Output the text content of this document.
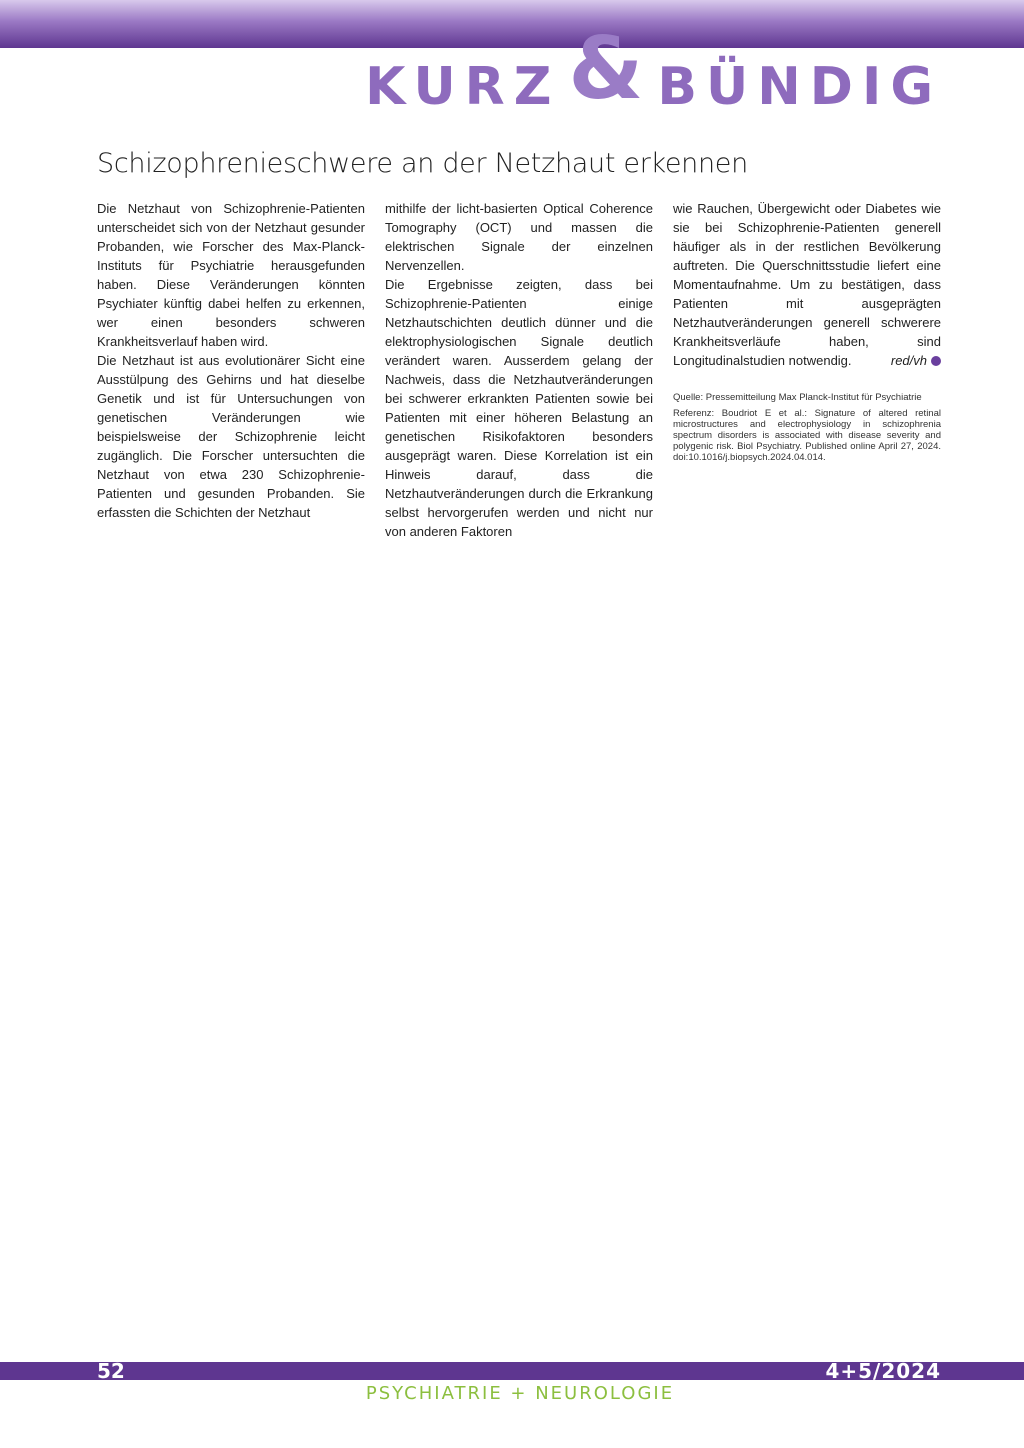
KURZ & BÜNDIG
Schizophrenieschwere an der Netzhaut erkennen

Die Netzhaut von Schizophrenie-Patienten unterscheidet sich von der Netzhaut gesunder Probanden, wie Forscher des Max-Planck-Instituts für Psychiatrie herausgefunden haben. Diese Veränderungen könnten Psychiater künftig dabei helfen zu erkennen, wer einen besonders schweren Krankheitsverlauf haben wird.

Die Netzhaut ist aus evolutionärer Sicht eine Ausstülpung des Gehirns und hat dieselbe Genetik und ist für Untersuchungen von genetischen Veränderungen wie beispielsweise der Schizophrenie leicht zugänglich. Die Forscher untersuchten die Netzhaut von etwa 230 Schizophrenie-Patienten und gesunden Probanden. Sie erfassten die Schichten der Netzhaut

mithilfe der licht-basierten Optical Coherence Tomography (OCT) und massen die elektrischen Signale der einzelnen Nervenzellen.

Die Ergebnisse zeigten, dass bei Schizophrenie-Patienten einige Netzhautschichten deutlich dünner und die elektrophysiologischen Signale deutlich verändert waren. Ausserdem gelang der Nachweis, dass die Netzhautveränderungen bei schwerer erkrankten Patienten sowie bei Patienten mit einer höheren Belastung an genetischen Risikofaktoren besonders ausgeprägt waren. Diese Korrelation ist ein Hinweis darauf, dass die Netzhautveränderungen durch die Erkrankung selbst hervorgerufen werden und nicht nur von anderen Faktoren

wie Rauchen, Übergewicht oder Diabetes wie sie bei Schizophrenie-Patienten generell häufiger als in der restlichen Bevölkerung auftreten. Die Querschnittsstudie liefert eine Momentaufnahme. Um zu bestätigen, dass Patienten mit ausgeprägten Netzhautveränderungen generell schwerere Krankheitsverläufe haben, sind Longitudinalstudien notwendig.	red/vh

Quelle: Pressemitteilung Max Planck-Institut für Psychiatrie
Referenz: Boudriot E et al.: Signature of altered retinal microstructures and electrophysiology in schizophrenia spectrum disorders is associated with disease severity and polygenic risk. Biol Psychiatry. Published online April 27, 2024. doi:10.1016/j.biopsych.2024.04.014.
52	4+5/2024
PSYCHIATRIE + NEUROLOGIE
